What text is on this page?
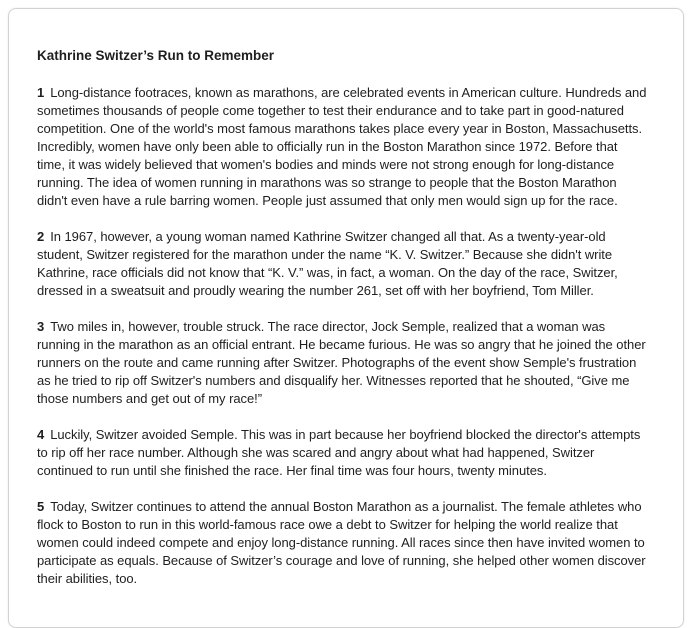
Kathrine Switzer’s Run to Remember

1 Long-distance footraces, known as marathons, are celebrated events in American culture. Hundreds and sometimes thousands of people come together to test their endurance and to take part in good-natured competition. One of the world's most famous marathons takes place every year in Boston, Massachusetts. Incredibly, women have only been able to officially run in the Boston Marathon since 1972. Before that time, it was widely believed that women's bodies and minds were not strong enough for long-distance running. The idea of women running in marathons was so strange to people that the Boston Marathon didn't even have a rule barring women. People just assumed that only men would sign up for the race.

2 In 1967, however, a young woman named Kathrine Switzer changed all that. As a twenty-year-old student, Switzer registered for the marathon under the name “K. V. Switzer.” Because she didn't write Kathrine, race officials did not know that “K. V.” was, in fact, a woman. On the day of the race, Switzer, dressed in a sweatsuit and proudly wearing the number 261, set off with her boyfriend, Tom Miller.

3 Two miles in, however, trouble struck. The race director, Jock Semple, realized that a woman was running in the marathon as an official entrant. He became furious. He was so angry that he joined the other runners on the route and came running after Switzer. Photographs of the event show Semple's frustration as he tried to rip off Switzer's numbers and disqualify her. Witnesses reported that he shouted, “Give me those numbers and get out of my race!”

4 Luckily, Switzer avoided Semple. This was in part because her boyfriend blocked the director's attempts to rip off her race number. Although she was scared and angry about what had happened, Switzer continued to run until she finished the race. Her final time was four hours, twenty minutes.

5 Today, Switzer continues to attend the annual Boston Marathon as a journalist. The female athletes who flock to Boston to run in this world-famous race owe a debt to Switzer for helping the world realize that women could indeed compete and enjoy long-distance running. All races since then have invited women to participate as equals. Because of Switzer’s courage and love of running, she helped other women discover their abilities, too.
